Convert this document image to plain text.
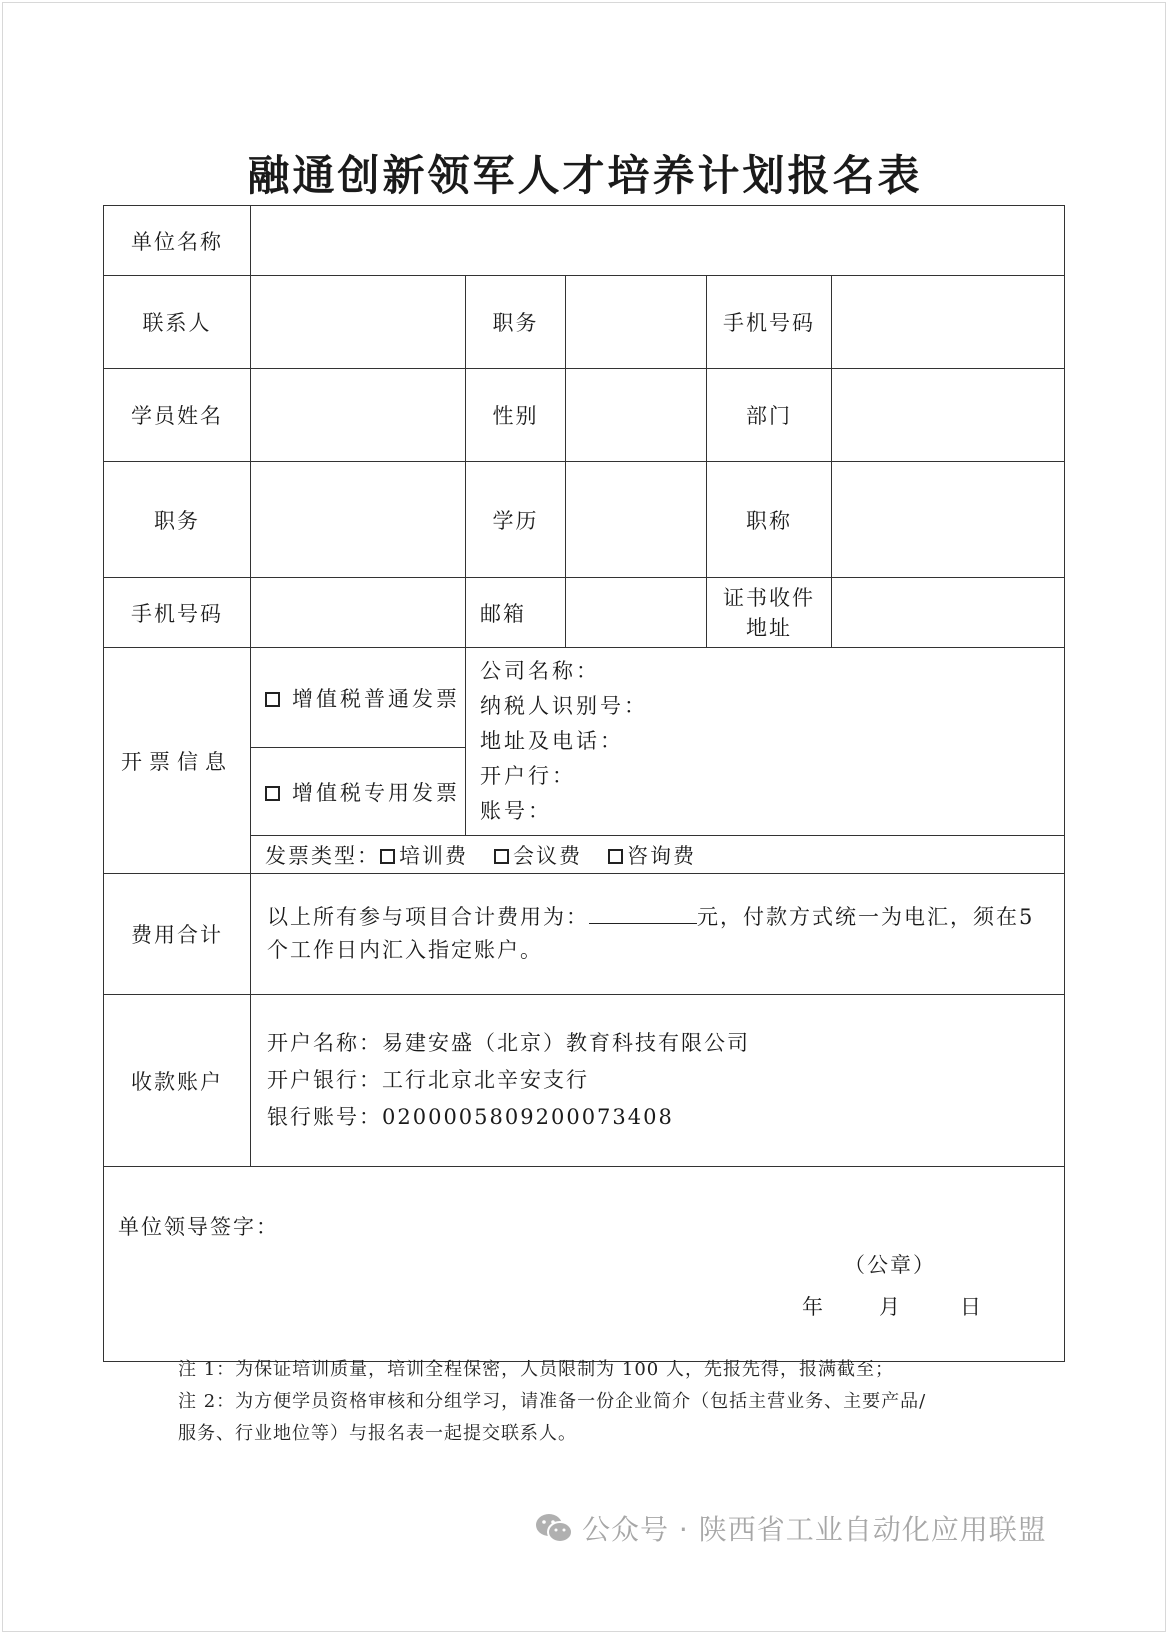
融通创新领军人才培养计划报名表
单位名称					
联系人		职务		手机号码	
学员姓名		性别		部门	
职务		学历		职称	
手机号码		邮箱		证书收件
地址	

开票信息	增值税普通发票	公司名称：
纳税人识别号：
地址及电话：
开户行：
账号：			

	增值税专用发票				
	发票类型： 培训费 会议费 咨询费				
费用合计	以上所有参与项目合计费用为： 元，付款方式统一为电汇，须在5 个工作日内汇入指定账户。				
收款账户	开户名称：易建安盛（北京）教育科技有限公司
开户银行：工行北京北辛安支行
银行账号：0200005809200073408				

单位领导签字：
（公章）
年 月 日					
注 1：为保证培训质量，培训全程保密，人员限制为 100 人，先报先得，报满截至；
注 2：为方便学员资格审核和分组学习，请准备一份企业简介（包括主营业务、主要产品/
服务、行业地位等）与报名表一起提交联系人。
公众号 · 陕西省工业自动化应用联盟
